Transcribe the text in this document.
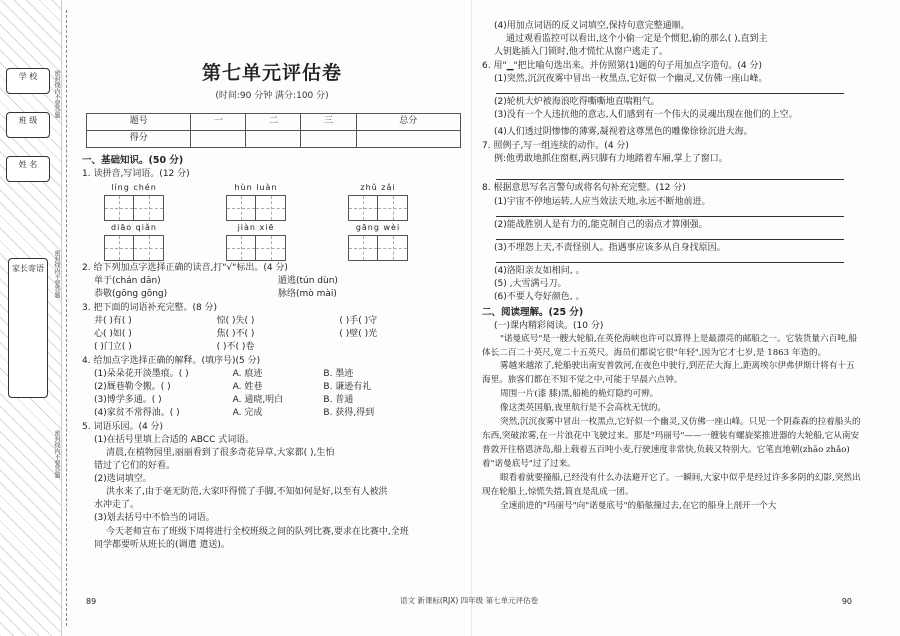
学 校
班 级
姓 名
家长寄语
密封线内不要答题
密封线内不要答题
密封线内不要答题
第七单元评估卷
(时间:90 分钟 满分:100 分)
题号	一	二	三	总分
得分				
一、基础知识。(50 分)
1. 读拼音,写词语。(12 分)
líng chén	hùn luàn	zhǔ zǎi
diāo qiǎn	jiàn xiē	gāng wèi
2. 给下列加点字选择正确的读音,打"√"标出。(4 分)
单于(chán dān)	遁逃(tún dùn)
恭敬(gōng gōng)	脉络(mò mài)
3. 把下面的词语补充完整。(8 分)
井( )有( )	惊( )失( )	( )手( )守
心( )如( )	焦( )不( )	( )壁( )光
( )门立( )	( )不( )卷
4. 给加点字选择正确的解释。(填序号)(5 分)
(1)朵朵花开淡墨痕。( )	A. 痕迹	B. 墨迹
(2)厩巷勒令搬。( )	A. 姓巷	B. 谦逊有礼
(3)博学多通。( )	A. 通晓,明白	B. 普通
(4)家贫不常得油。( )	A. 完成	B. 获得,得到
5. 词语乐园。(4 分)
(1)在括号里填上合适的 ABCC 式词语。
清晨,在植物园里,丽丽看到了很多奇花异草,大家都( ),生怕
错过了它们的好看。
(2)选词填空。
洪水来了,由于毫无防范,大家吓得慌了手脚,不知如何是好,以至有人被洪
水冲走了。
(3)划去括号中不恰当的词语。
今天老师宣布了班级下周将进行全校班级之间的队列比赛,要求在比赛中,全班
同学都要听从班长的(调遣 遣送)。
(4)用加点词语的反义词填空,保持句意完整通顺。
通过观看监控可以看出,这个小偷一定是个惯犯,偷的那么( ),直到主
人钥匙插入门锁时,他才慌忙从窗户逃走了。
6. 用"▁"把比喻句选出来。并仿照第(1)题的句子用加点字造句。(4 分)
(1)突然,沉沉夜雾中冒出一枚黑点,它好似一个幽灵,又仿佛一座山峰。
(2)轮机大炉被海浪吃得嘶嘶地直喘粗气。
(3)没有一个人违抗他的意志,人们感到有一个伟大的灵魂出现在他们的上空。
(4)人们透过阴惨惨的薄雾,凝视着这尊黑色的雕像徐徐沉进大海。
7. 照例子,写一组连续的动作。(4 分)
例:他勇敢地抓住窗框,两只脚有力地踏着车厢,掌上了窗口。
8. 根据意思写名言警句或将名句补充完整。(12 分)
(1)宇宙不停地运转,人应当效法天地,永远不断地前进。
(2)能战胜别人是有力的,能克制自己的弱点才算刚强。
(3)不埋怨上天,不责怪别人。指遇事应该多从自身找原因。
(4)洛阳亲友如相问, 。
(5) ,大雪满弓刀。
(6)不要人夸好颜色, 。
二、阅读理解。(25 分)
(一)课内精彩阅读。(10 分)
"诺曼底号"是一艘大轮船,在英伦海峡也许可以算得上是最漂亮的邮船之一。它装货量六百吨,船体长二百二十英尺,宽二十五英尺。海员们都说它很"年轻",因为它才七岁,是 1863 年造的。
雾越来越浓了,轮船驶出南安普敦河,在夜色中驶行,到茫茫大海上,距离埃尔伊弗伊斯计将有十五海里。旅客们都在不知不觉之中,可能于早晨六点钟。
周围一片(漆 膝)黑,船桅的桅灯隐约可辨。
像这类英国船,夜里航行是不会高枕无忧的。
突然,沉沉夜雾中冒出一枚黑点,它好似一个幽灵,又仿佛一座山峰。只见一个阴森森的拉着船头的东西,突破浓雾,在一片浪花中飞驶过来。那是"玛丽号"——一艘装有螺旋桨推进器的大轮船,它从南安普敦开往格恩济岛,船上载着五百吨小麦,行驶速度非常快,负载又特别大。它笔直地朝(zhāo zhǎo)着"诺曼底号"过了过来。
眼看着就要撞船,已经没有什么办法避开它了。一瞬间,大家中似乎是经过许多多阴的幻影,突然出现在轮船上,惊慌失措,简直是乱成一团。
全速前进的"玛丽号"向"诺曼底号"的船舷撞过去,在它的船身上剖开一个大
89	语文 新课标(RJX) 四年级 第七单元评估卷	90
